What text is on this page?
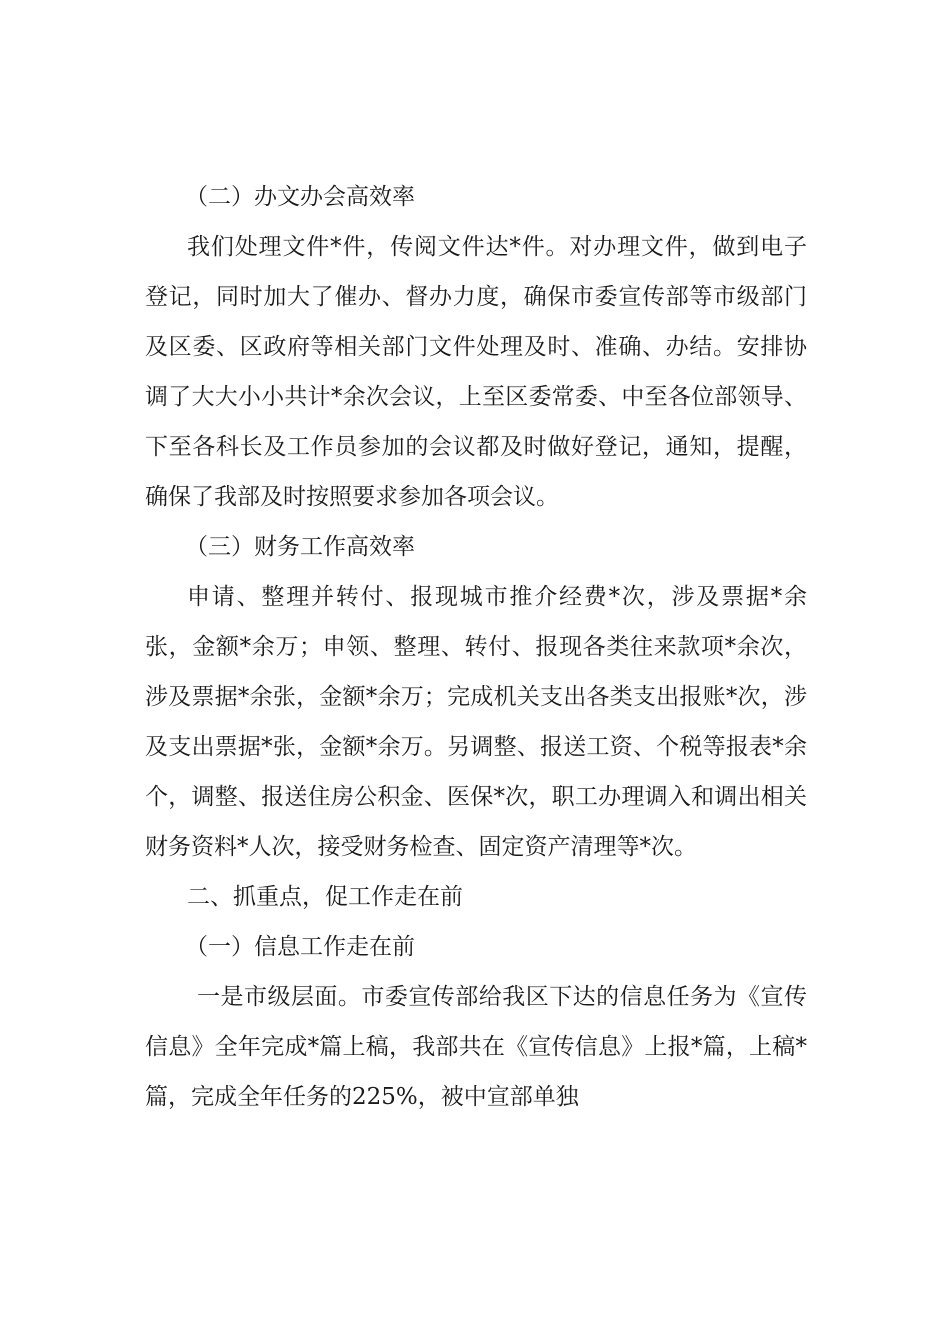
（二）办文办会高效率

我们处理文件*件，传阅文件达*件。对办理文件，做到电子登记，同时加大了催办、督办力度，确保市委宣传部等市级部门及区委、区政府等相关部门文件处理及时、准确、办结。安排协调了大大小小共计*余次会议，上至区委常委、中至各位部领导、下至各科长及工作员参加的会议都及时做好登记，通知，提醒，确保了我部及时按照要求参加各项会议。

（三）财务工作高效率

申请、整理并转付、报现城市推介经费*次，涉及票据*余张，金额*余万；申领、整理、转付、报现各类往来款项*余次，涉及票据*余张，金额*余万；完成机关支出各类支出报账*次，涉及支出票据*张，金额*余万。另调整、报送工资、个税等报表*余个，调整、报送住房公积金、医保*次，职工办理调入和调出相关财务资料*人次，接受财务检查、固定资产清理等*次。

二、抓重点，促工作走在前
（一）信息工作走在前

一是市级层面。市委宣传部给我区下达的信息任务为《宣传信息》全年完成*篇上稿，我部共在《宣传信息》上报*篇，上稿*篇，完成全年任务的225%，被中宣部单独
